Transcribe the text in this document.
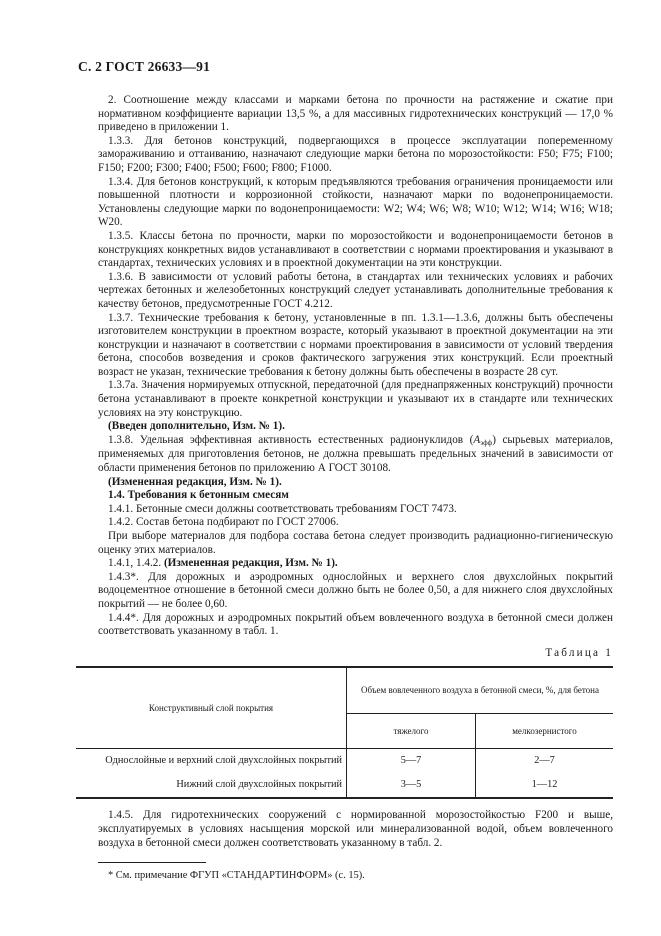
С. 2 ГОСТ 26633—91

2. Соотношение между классами и марками бетона по прочности на растяжение и сжатие при нормативном коэффициенте вариации 13,5 %, а для массивных гидротехнических конструкций — 17,0 % приведено в приложении 1.

1.3.3. Для бетонов конструкций, подвергающихся в процессе эксплуатации попеременному замораживанию и оттаиванию, назначают следующие марки бетона по морозостойкости: F50; F75; F100; F150; F200; F300; F400; F500; F600; F800; F1000.

1.3.4. Для бетонов конструкций, к которым предъявляются требования ограничения проницаемости или повышенной плотности и коррозионной стойкости, назначают марки по водонепроницаемости. Установлены следующие марки по водонепроницаемости: W2; W4; W6; W8; W10; W12; W14; W16; W18; W20.

1.3.5. Классы бетона по прочности, марки по морозостойкости и водонепроницаемости бетонов в конструкциях конкретных видов устанавливают в соответствии с нормами проектирования и указывают в стандартах, технических условиях и в проектной документации на эти конструкции.

1.3.6. В зависимости от условий работы бетона, в стандартах или технических условиях и рабочих чертежах бетонных и железобетонных конструкций следует устанавливать дополнительные требования к качеству бетонов, предусмотренные ГОСТ 4.212.

1.3.7. Технические требования к бетону, установленные в пп. 1.3.1—1.3.6, должны быть обеспечены изготовителем конструкции в проектном возрасте, который указывают в проектной документации на эти конструкции и назначают в соответствии с нормами проектирования в зависимости от условий твердения бетона, способов возведения и сроков фактического загружения этих конструкций. Если проектный возраст не указан, технические требования к бетону должны быть обеспечены в возрасте 28 сут.

1.3.7а. Значения нормируемых отпускной, передаточной (для преднапряженных конструкций) прочности бетона устанавливают в проекте конкретной конструкции и указывают их в стандарте или технических условиях на эту конструкцию.

(Введен дополнительно, Изм. № 1).

1.3.8. Удельная эффективная активность естественных радионуклидов (Aэфф) сырьевых материалов, применяемых для приготовления бетонов, не должна превышать предельных значений в зависимости от области применения бетонов по приложению А ГОСТ 30108.

(Измененная редакция, Изм. № 1).

1.4. Требования к бетонным смесям

1.4.1. Бетонные смеси должны соответствовать требованиям ГОСТ 7473.

1.4.2. Состав бетона подбирают по ГОСТ 27006.

При выборе материалов для подбора состава бетона следует производить радиационно-гигиеническую оценку этих материалов.

1.4.1, 1.4.2. (Измененная редакция, Изм. № 1).

1.4.3*. Для дорожных и аэродромных однослойных и верхнего слоя двухслойных покрытий водоцементное отношение в бетонной смеси должно быть не более 0,50, а для нижнего слоя двухслойных покрытий — не более 0,60.

1.4.4*. Для дорожных и аэродромных покрытий объем вовлеченного воздуха в бетонной смеси должен соответствовать указанному в табл. 1.

Таблица 1
Конструктивный слой покрытия	Объем вовлеченного воздуха в бетонной смеси, %, для бетона	
	тяжелого	мелкозернистого
Однослойные и верхний слой двухслойных покрытий	5—7	2—7
Нижний слой двухслойных покрытий	3—5	1—12

1.4.5. Для гидротехнических сооружений с нормированной морозостойкостью F200 и выше, эксплуатируемых в условиях насыщения морской или минерализованной водой, объем вовлеченного воздуха в бетонной смеси должен соответствовать указанному в табл. 2.

* См. примечание ФГУП «СТАНДАРТИНФОРМ» (с. 15).
